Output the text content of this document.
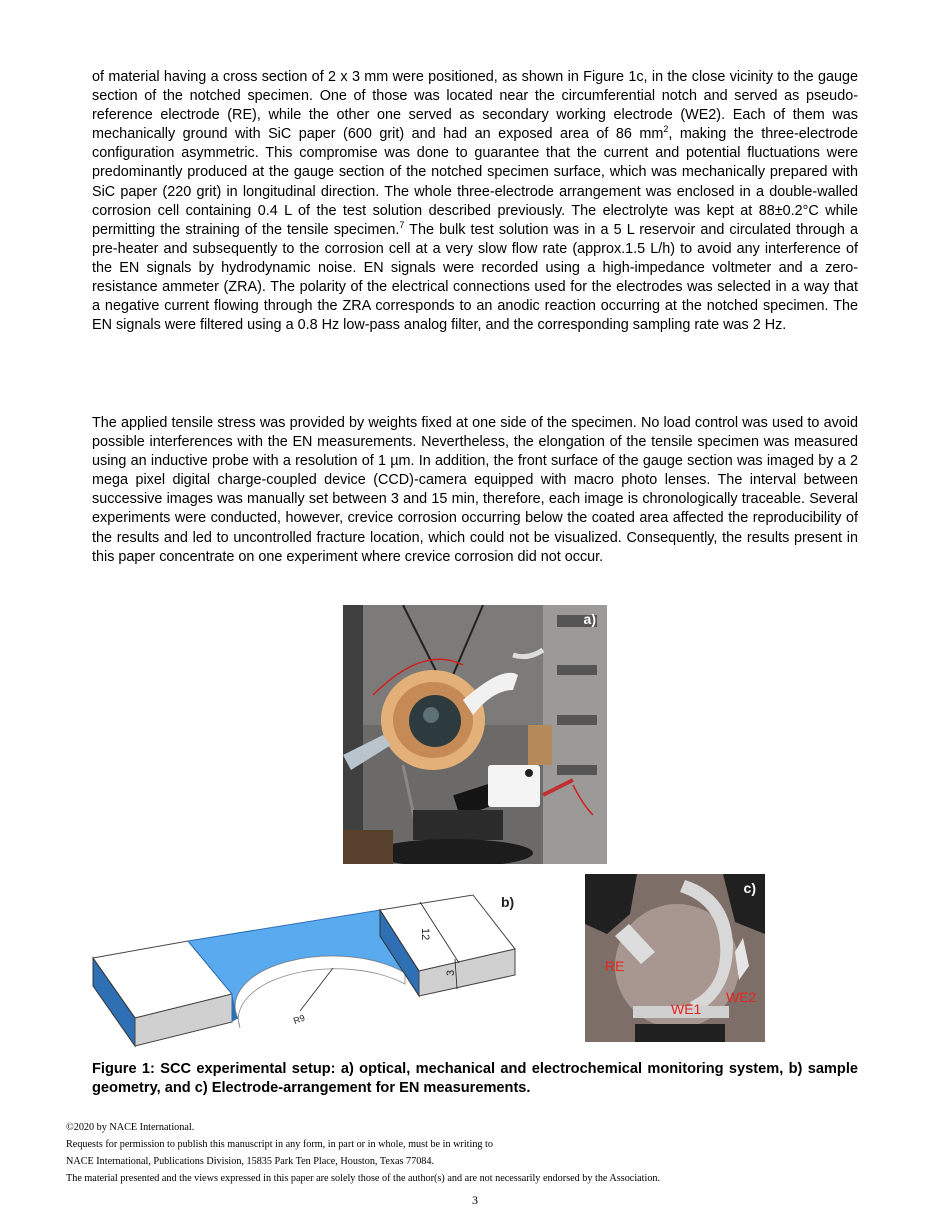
of material having a cross section of 2 x 3 mm were positioned, as shown in Figure 1c, in the close vicinity to the gauge section of the notched specimen. One of those was located near the circumferential notch and served as pseudo-reference electrode (RE), while the other one served as secondary working electrode (WE2). Each of them was mechanically ground with SiC paper (600 grit) and had an exposed area of 86 $mm^2$, making the three-electrode configuration asymmetric. This compromise was done to guarantee that the current and potential fluctuations were predominantly produced at the gauge section of the notched specimen surface, which was mechanically prepared with SiC paper (220 grit) in longitudinal direction. The whole three-electrode arrangement was enclosed in a double-walled corrosion cell containing 0.4 L of the test solution described previously. The electrolyte was kept at 88±0.2°C while permitting the straining of the tensile specimen.$^7$ The bulk test solution was in a 5 L reservoir and circulated through a pre-heater and subsequently to the corrosion cell at a very slow flow rate (approx.1.5 L/h) to avoid any interference of the EN signals by hydrodynamic noise. EN signals were recorded using a high-impedance voltmeter and a zero-resistance ammeter (ZRA). The polarity of the electrical connections used for the electrodes was selected in a way that a negative current flowing through the ZRA corresponds to an anodic reaction occurring at the notched specimen. The EN signals were filtered using a 0.8 Hz low-pass analog filter, and the corresponding sampling rate was 2 Hz.
The applied tensile stress was provided by weights fixed at one side of the specimen. No load control was used to avoid possible interferences with the EN measurements. Nevertheless, the elongation of the tensile specimen was measured using an inductive probe with a resolution of 1 µm. In addition, the front surface of the gauge section was imaged by a 2 mega pixel digital charge-coupled device (CCD)-camera equipped with macro photo lenses. The interval between successive images was manually set between 3 and 15 min, therefore, each image is chronologically traceable. Several experiments were conducted, however, crevice corrosion occurring below the coated area affected the reproducibility of the results and led to uncontrolled fracture location, which could not be visualized. Consequently, the results present in this paper concentrate on one experiment where crevice corrosion did not occur.
a)
12
3
R9
b)
c)
RE
WE1
WE2
Figure 1: SCC experimental setup: a) optical, mechanical and electrochemical monitoring system, b) sample geometry, and c) Electrode-arrangement for EN measurements.
©2020 by NACE International.
Requests for permission to publish this manuscript in any form, in part or in whole, must be in writing to
NACE International, Publications Division, 15835 Park Ten Place, Houston, Texas 77084.
The material presented and the views expressed in this paper are solely those of the author(s) and are not necessarily endorsed by the Association.
3
